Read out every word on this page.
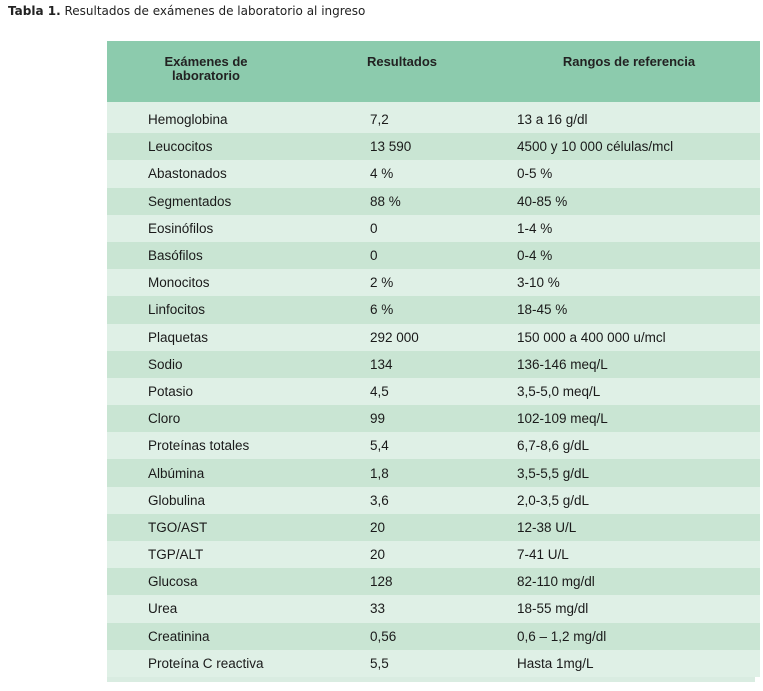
Tabla 1. Resultados de exámenes de laboratorio al ingreso
Exámenes de
laboratorio	Resultados	Rangos de referencia

Hemoglobina	7,2	13 a 16 g/dl
Leucocitos	13 590	4500 y 10 000 células/mcl
Abastonados	4 %	0-5 %
Segmentados	88 %	40-85 %
Eosinófilos	0	1-4 %
Basófilos	0	0-4 %
Monocitos	2 %	3-10 %
Linfocitos	6 %	18-45 %
Plaquetas	292 000	150 000 a 400 000 u/mcl
Sodio	134	136-146 meq/L
Potasio	4,5	3,5-5,0 meq/L
Cloro	99	102-109 meq/L
Proteínas totales	5,4	6,7-8,6 g/dL
Albúmina	1,8	3,5-5,5 g/dL
Globulina	3,6	2,0-3,5 g/dL
TGO/AST	20	12-38 U/L
TGP/ALT	20	7-41 U/L
Glucosa	128	82-110 mg/dl
Urea	33	18-55 mg/dl
Creatinina	0,56	0,6 – 1,2 mg/dl
Proteína C reactiva	5,5	Hasta 1mg/L
